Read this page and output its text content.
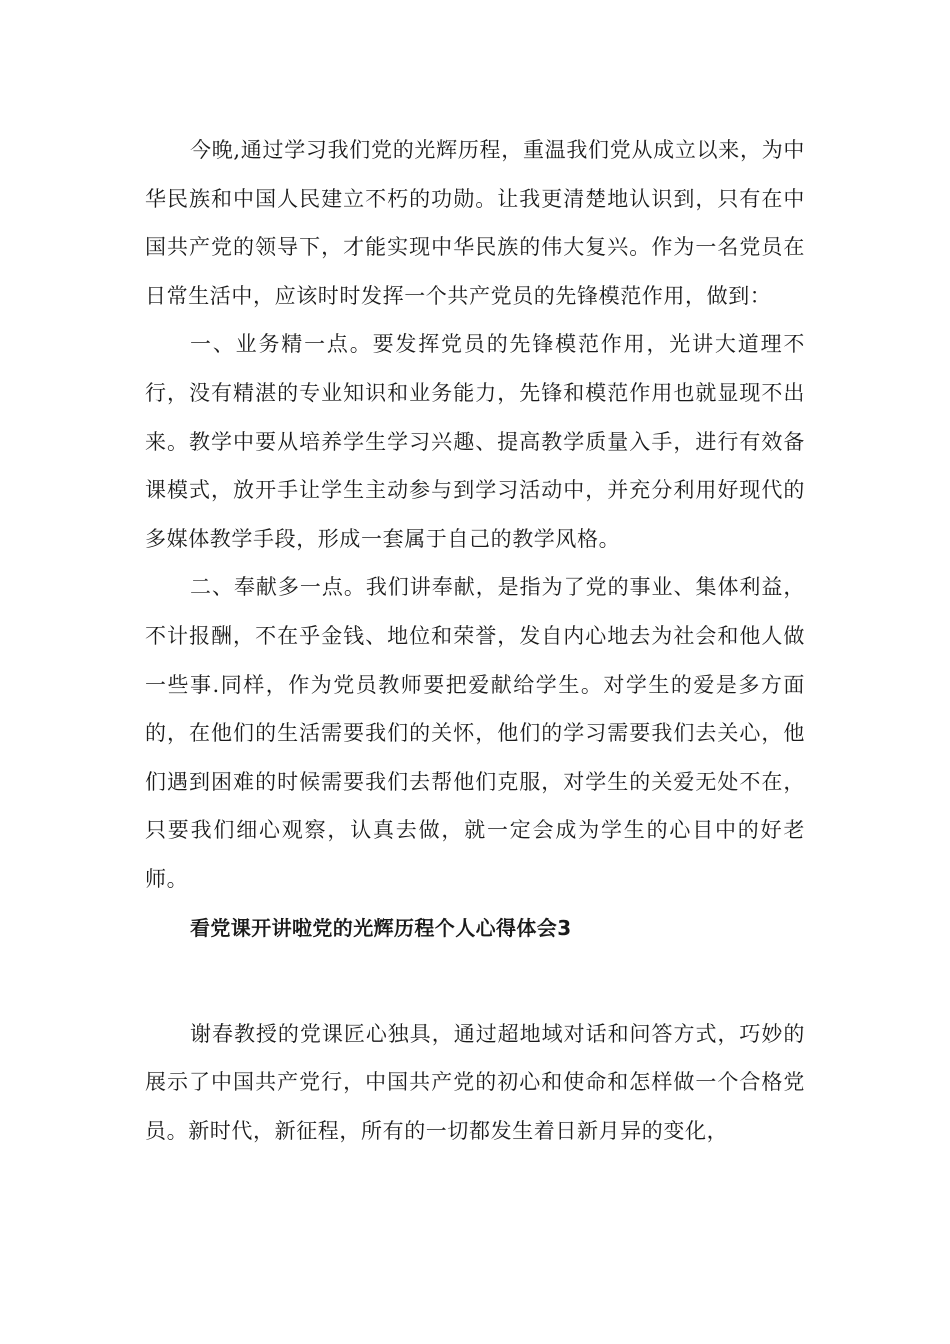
今晚,通过学习我们党的光辉历程，重温我们党从成立以来，为中华民族和中国人民建立不朽的功勋。让我更清楚地认识到，只有在中国共产党的领导下，才能实现中华民族的伟大复兴。作为一名党员在日常生活中，应该时时发挥一个共产党员的先锋模范作用，做到：

一、业务精一点。要发挥党员的先锋模范作用，光讲大道理不行，没有精湛的专业知识和业务能力，先锋和模范作用也就显现不出来。教学中要从培养学生学习兴趣、提高教学质量入手，进行有效备课模式，放开手让学生主动参与到学习活动中，并充分利用好现代的多媒体教学手段，形成一套属于自己的教学风格。

二、奉献多一点。我们讲奉献，是指为了党的事业、集体利益，不计报酬，不在乎金钱、地位和荣誉，发自内心地去为社会和他人做一些事.同样，作为党员教师要把爱献给学生。对学生的爱是多方面的，在他们的生活需要我们的关怀，他们的学习需要我们去关心，他们遇到困难的时候需要我们去帮他们克服，对学生的关爱无处不在，只要我们细心观察，认真去做，就一定会成为学生的心目中的好老师。

看党课开讲啦党的光辉历程个人心得体会3

谢春教授的党课匠心独具，通过超地域对话和问答方式，巧妙的展示了中国共产党行，中国共产党的初心和使命和怎样做一个合格党员。新时代，新征程，所有的一切都发生着日新月异的变化，
